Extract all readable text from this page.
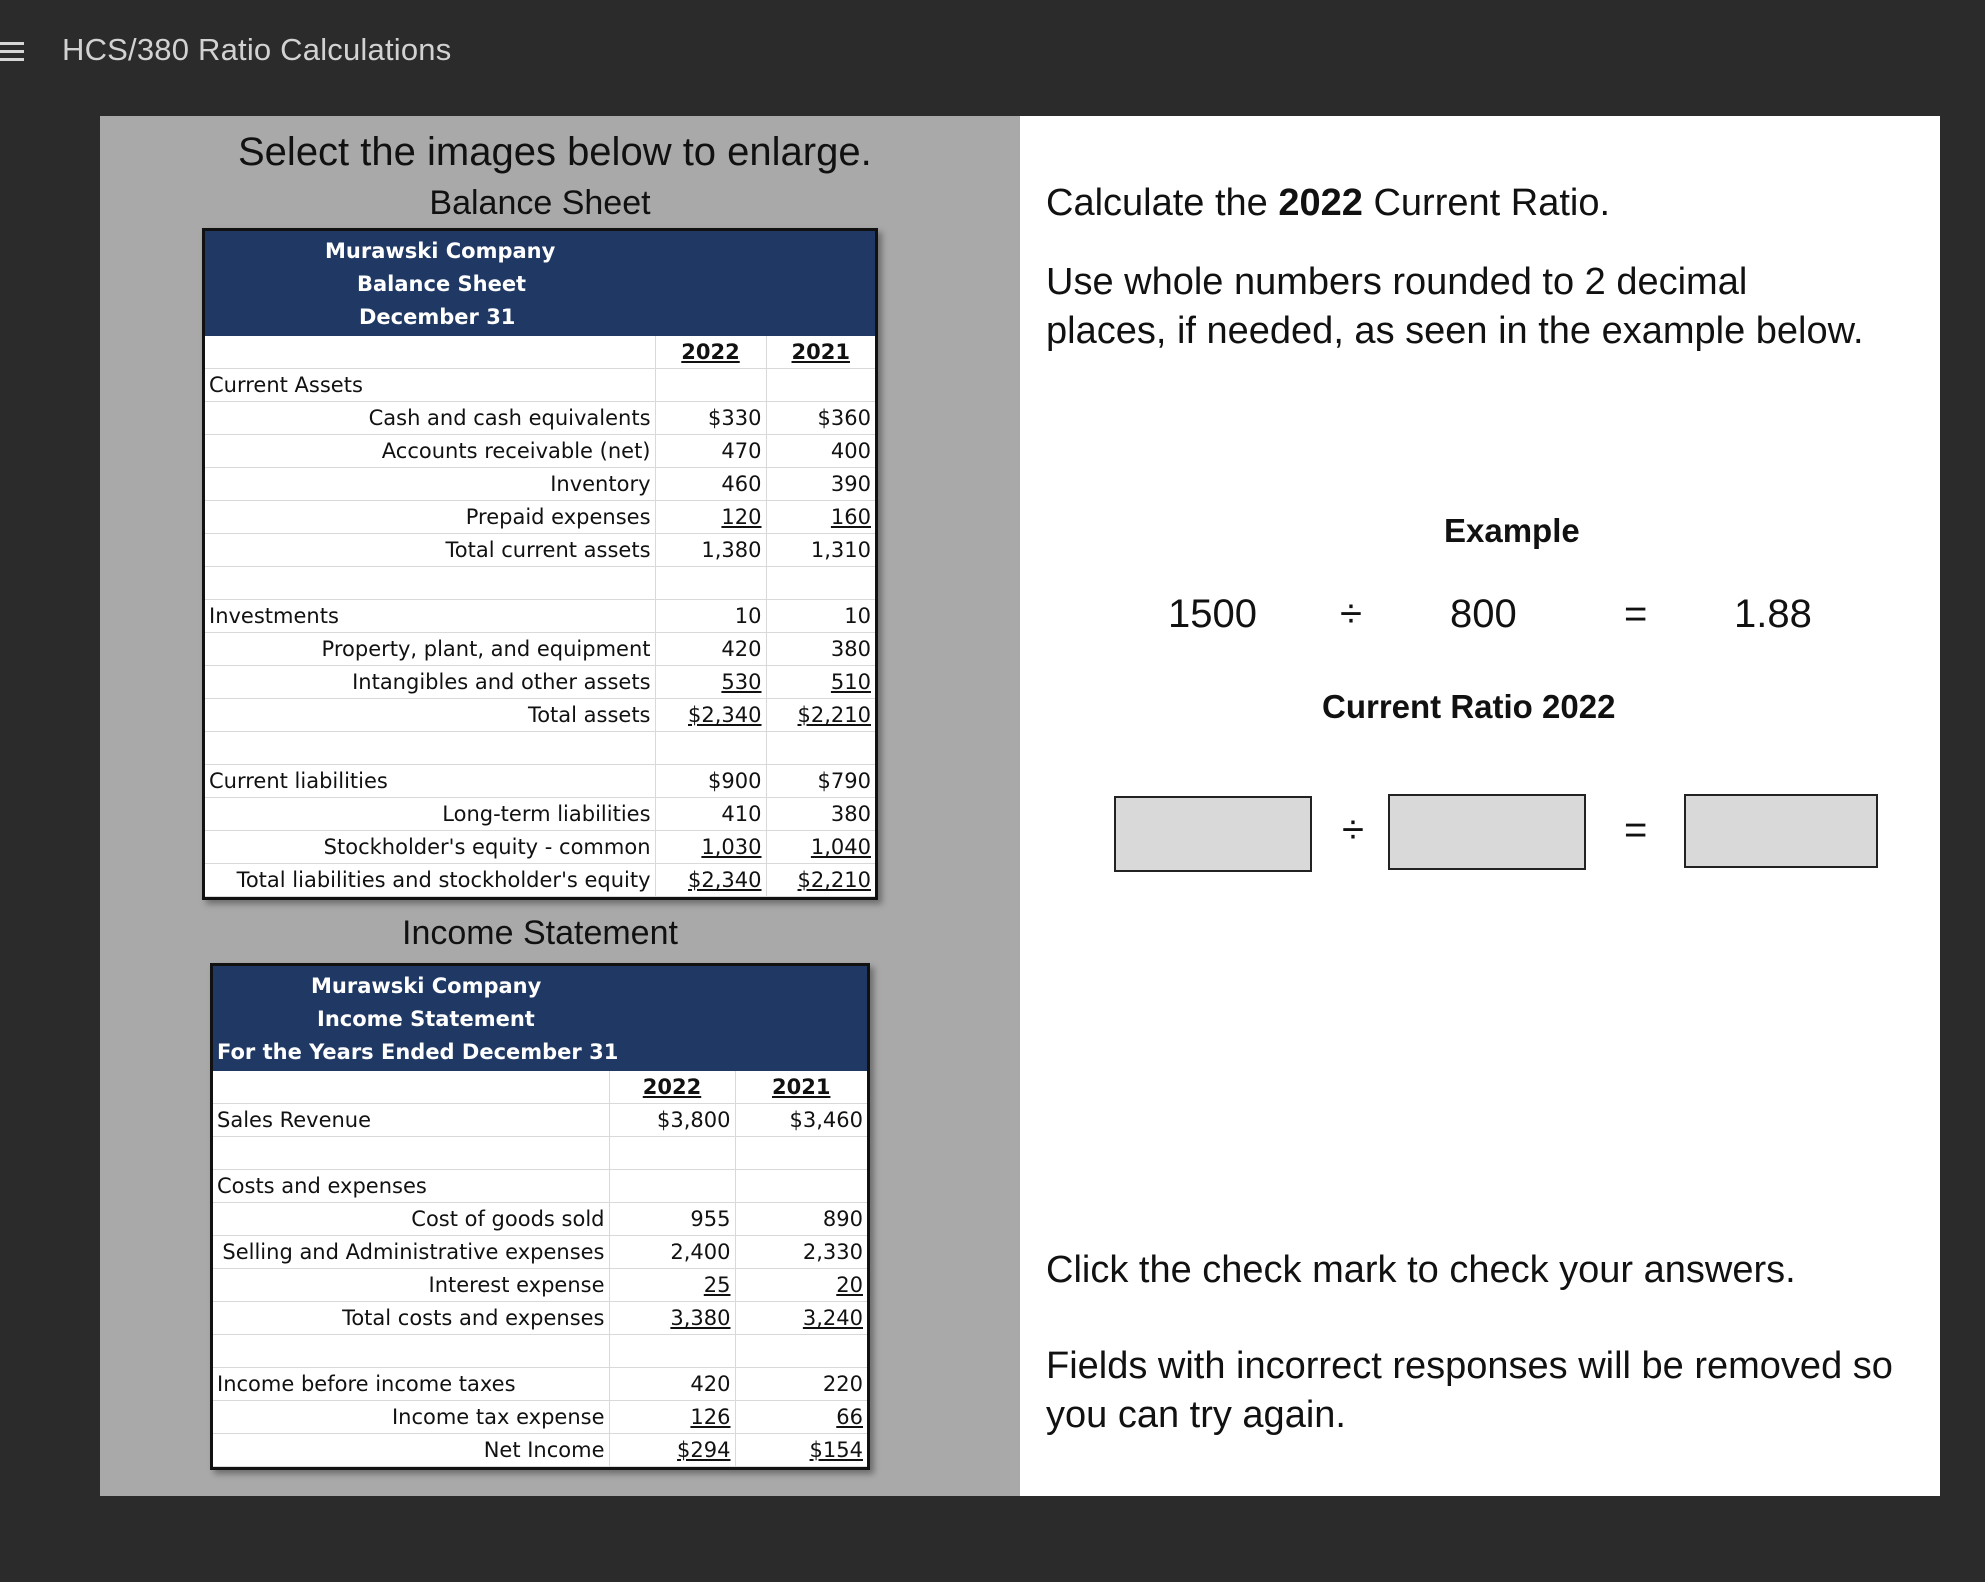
HCS/380 Ratio Calculations
Select the images below to enlarge.
Balance Sheet
Murawski Company
Balance Sheet
December 31
	2022	2021
Current Assets		
Cash and cash equivalents	$330	$360
Accounts receivable (net)	470	400
Inventory	460	390
Prepaid expenses	120	160
Total current assets	1,380	1,310

Investments	10	10
Property, plant, and equipment	420	380
Intangibles and other assets	530	510
Total assets	$2,340	$2,210

Current liabilities	$900	$790
Long-term liabilities	410	380
Stockholder's equity - common	1,030	1,040
Total liabilities and stockholder's equity	$2,340	$2,210
Income Statement
Murawski Company
Income Statement
For the Years Ended December 31
	2022	2021
Sales Revenue	$3,800	$3,460

Costs and expenses		
Cost of goods sold	955	890
Selling and Administrative expenses	2,400	2,330
Interest expense	25	20
Total costs and expenses	3,380	3,240

Income before income taxes	420	220
Income tax expense	126	66
Net Income	$294	$154
Calculate the 2022 Current Ratio.
Use whole numbers rounded to 2 decimal places, if needed, as seen in the example below.
Example
1500 ÷ 800	= 1.88
Current Ratio 2022
÷	=
Click the check mark to check your answers.
Fields with incorrect responses will be removed so you can try again.
